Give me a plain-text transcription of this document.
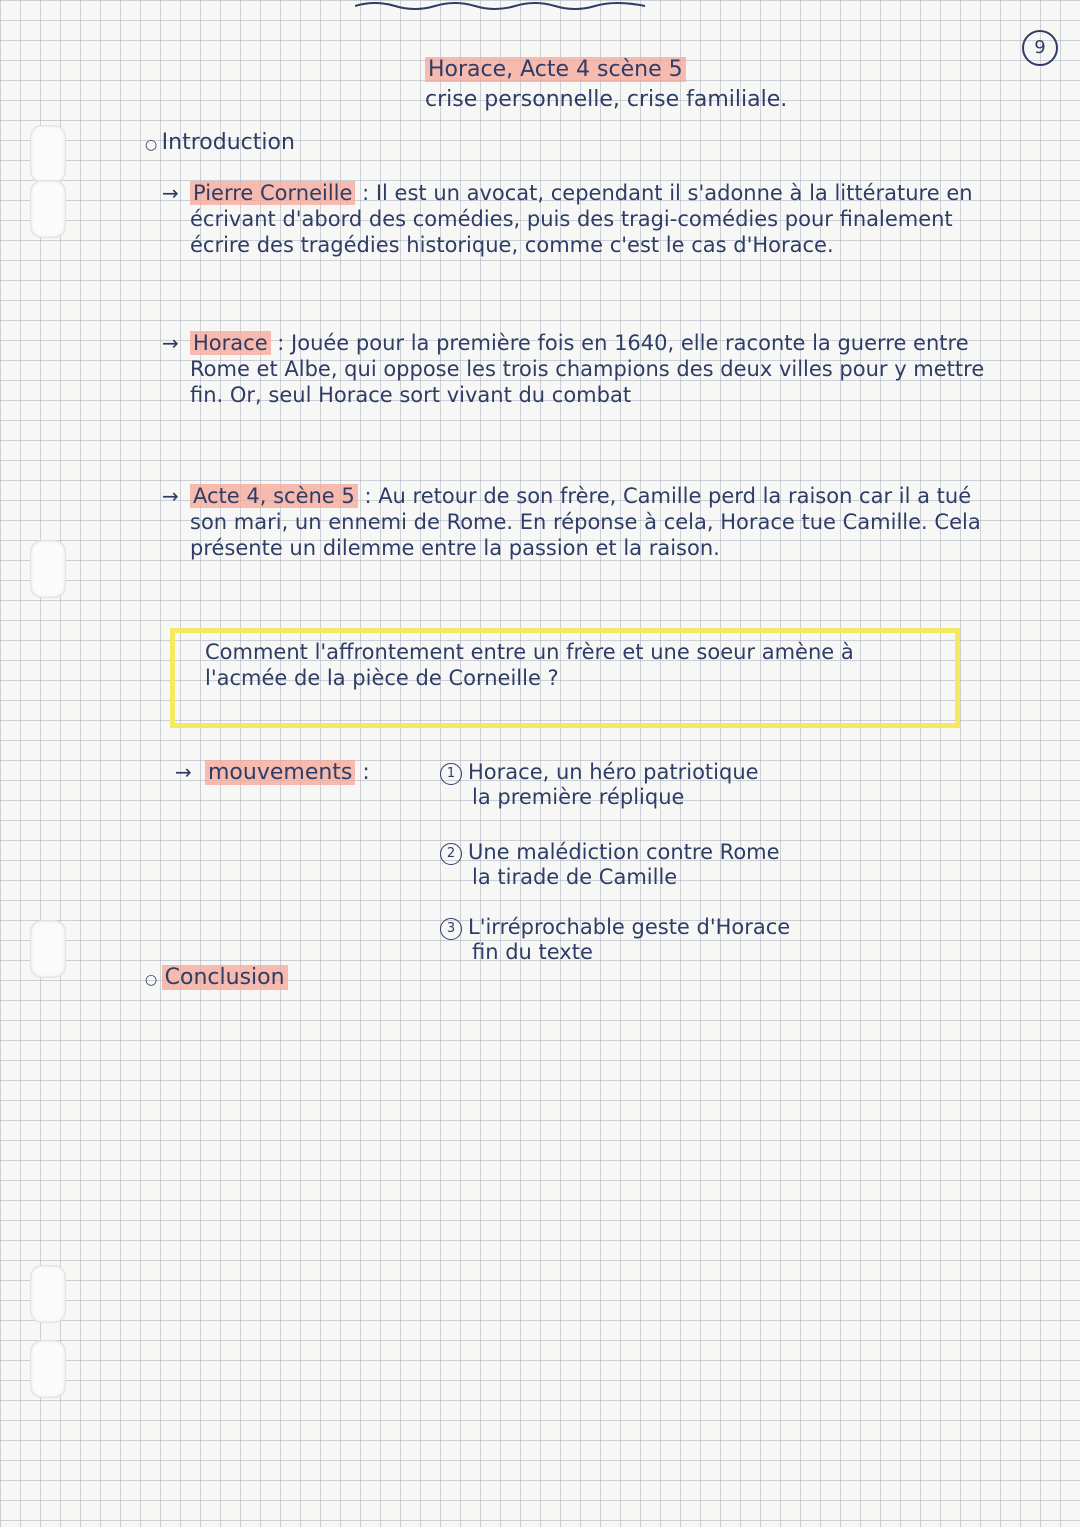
9
Horace, Acte 4 scène 5
crise personnelle, crise familiale.
○ Introduction
→ Pierre Corneille : Il est un avocat, cependant il s'adonne à la littérature en écrivant d'abord des comédies, puis des tragi-comédies pour finalement écrire des tragédies historique, comme c'est le cas d'Horace.
→ Horace : Jouée pour la première fois en 1640, elle raconte la guerre entre Rome et Albe, qui oppose les trois champions des deux villes pour y mettre fin. Or, seul Horace sort vivant du combat
→ Acte 4, scène 5 : Au retour de son frère, Camille perd la raison car il a tué son mari, un ennemi de Rome. En réponse à cela, Horace tue Camille. Cela présente un dilemme entre la passion et la raison.
Comment l'affrontement entre un frère et une soeur amène à l'acmée de la pièce de Corneille ?
→ mouvements :	1 Horace, un héro patriotique
la première réplique
2 Une malédiction contre Rome
la tirade de Camille
3 L'irréprochable geste d'Horace
fin du texte
○ Conclusion
